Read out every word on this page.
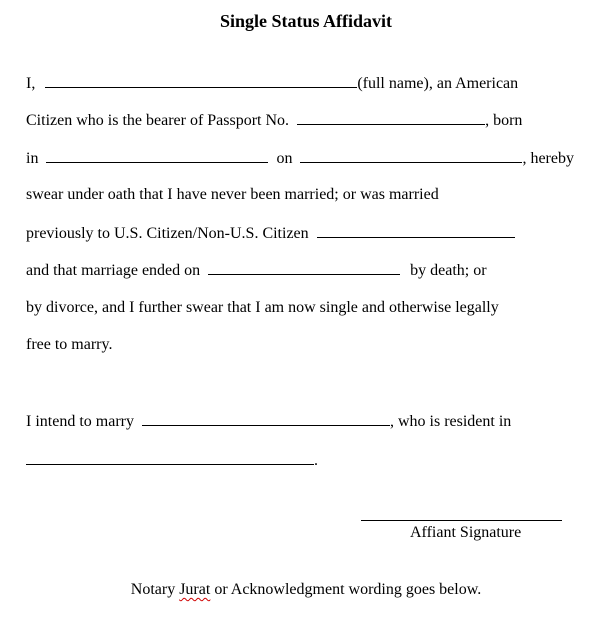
Single Status Affidavit
I,	(full name), an American
Citizen who is the bearer of Passport No.	, born
in	on	, hereby
swear under oath that I have never been married; or was married
previously to U.S. Citizen/Non-U.S. Citizen
and that marriage ended on	by death; or
by divorce, and I further swear that I am now single and otherwise legally
free to marry.
I intend to marry	, who is resident in
.
Affiant Signature
Notary Jurat or Acknowledgment wording goes below.
